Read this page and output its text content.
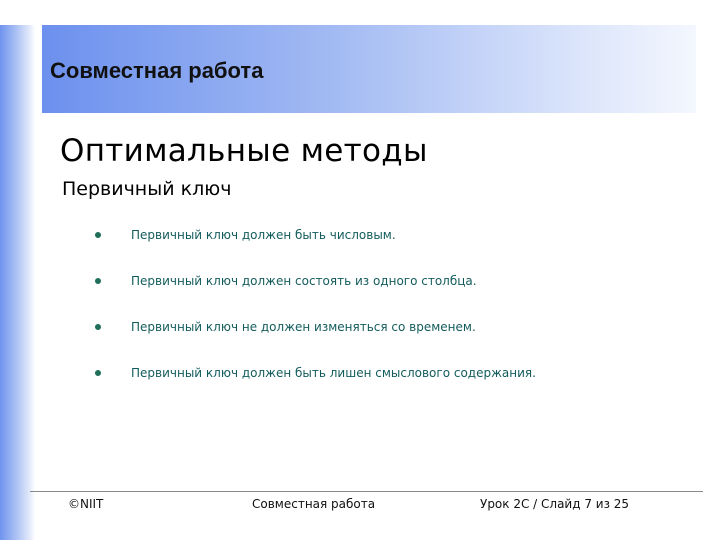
Совместная работа
Оптимальные методы
Первичный ключ
Первичный ключ должен быть числовым.
Первичный ключ должен состоять из одного столбца.
Первичный ключ не должен изменяться со временем.
Первичный ключ должен быть лишен смыслового содержания.
©NIIT	Совместная работа	Урок 2C / Слайд 7 из 25
